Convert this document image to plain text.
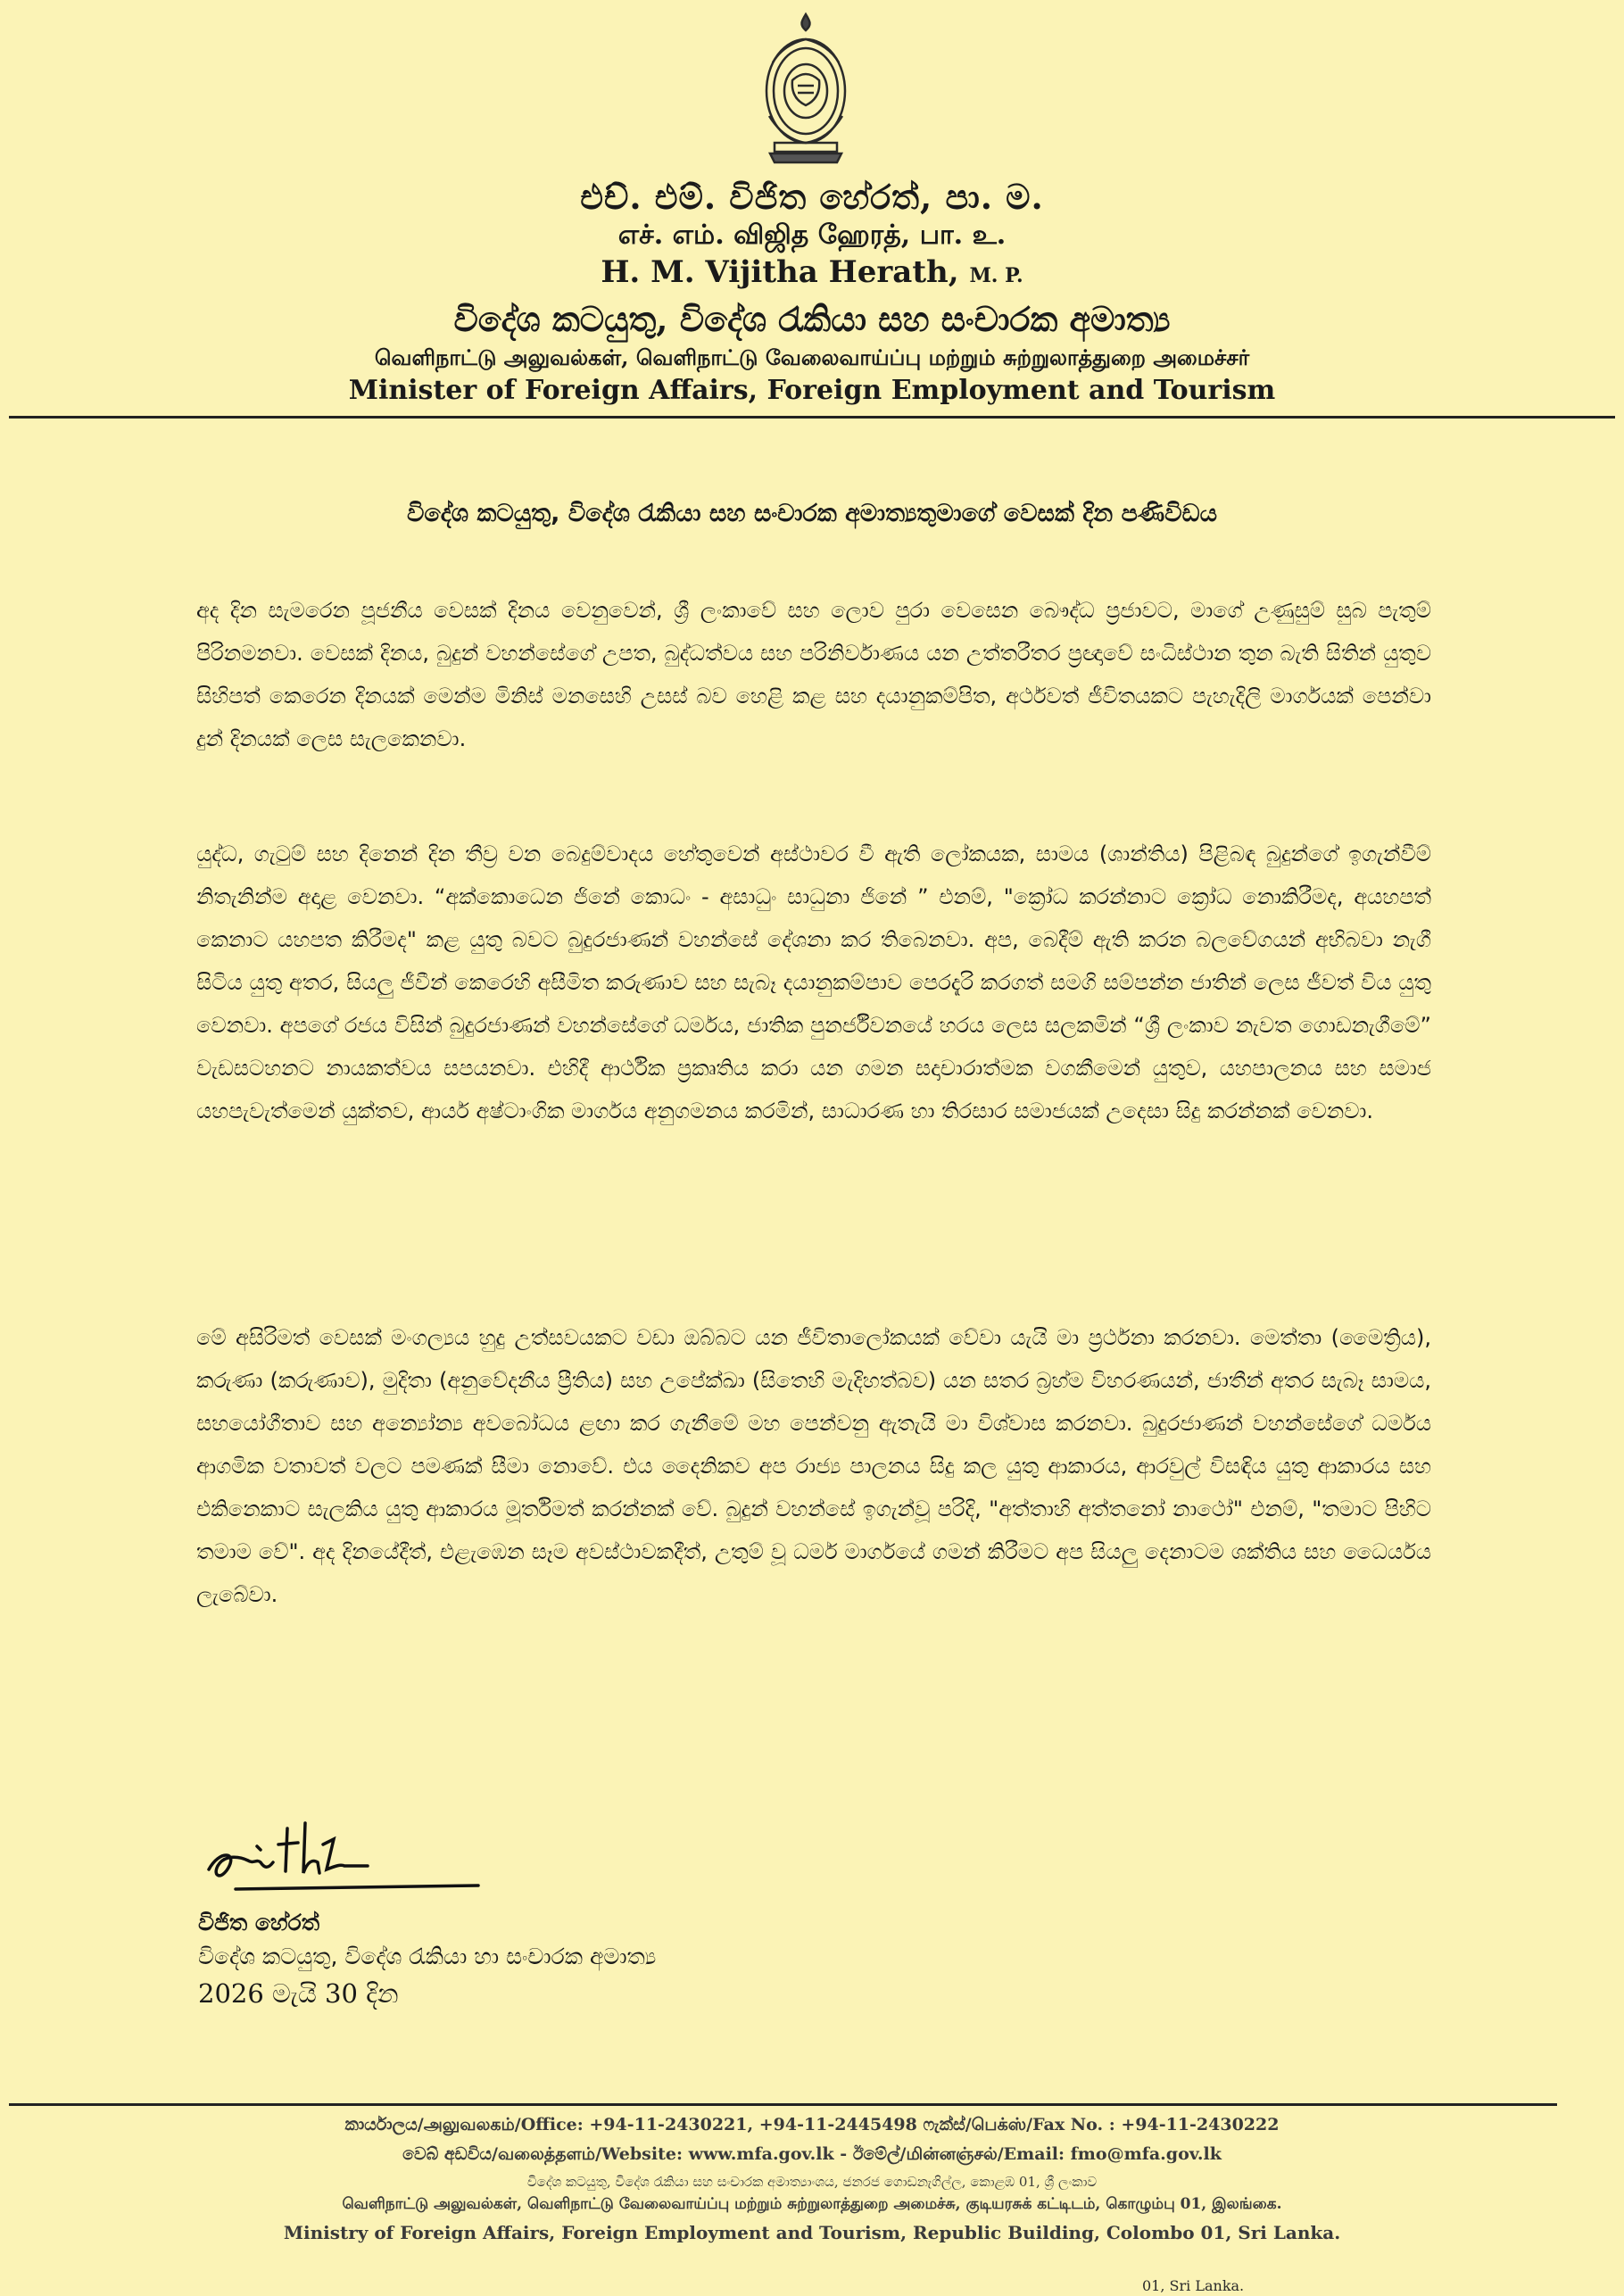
එච්. එම්. විජිත හේරත්, පා. ම.
எச். எம். விஜித ஹேரத், பா. உ.
H. M. Vijitha Herath, M. P.
විදේශ කටයුතු, විදේශ රැකියා සහ සංචාරක අමාත්‍ය
வெளிநாட்டு அலுவல்கள், வெளிநாட்டு வேலைவாய்ப்பு மற்றும் சுற்றுலாத்துறை அமைச்சர்
Minister of Foreign Affairs, Foreign Employment and Tourism
විදේශ කටයුතු, විදේශ රැකියා සහ සංචාරක අමාත්‍යතුමාගේ වෙසක් දින පණිවිඩය

අද දින සැමරෙන පූජනීය වෙසක් දිනය වෙනුවෙන්, ශ්‍රී ලංකාවේ සහ ලොව පුරා වෙසෙන බෞද්ධ ප්‍රජාවට, මාගේ උණුසුම් සුබ පැතුම් පිරිනමනවා. වෙසක් දිනය, බුදුන් වහන්සේගේ උපත, බුද්ධත්වය සහ පරිනිර්වාණය යන උත්තරීතර ප්‍රඥාවේ සංධිස්ථාන තුන බැති සිතින් යුතුව සිහිපත් කෙරෙන දිනයක් මෙන්ම මිනිස් මනසෙහි උසස් බව හෙළි කළ සහ දයානුකම්පිත, අර්ථවත් ජීවිතයකට පැහැදිලි මාර්ගයක් පෙන්වා දුන් දිනයක් ලෙස සැලකෙනවා.

යුද්ධ, ගැටුම් සහ දිනෙන් දින තීව්‍ර වන බෙදුම්වාදය හේතුවෙන් අස්ථාවර වී ඇති ලෝකයක, සාමය (ශාන්තිය) පිළිබඳ බුදුන්ගේ ඉගැන්වීම් නිතැනින්ම අදාළ වෙනවා. “අක්කොධෙන ජිනේ කොධං - අසාධුං සාධුනා ජිනේ ” එනම්, "ක්‍රෝධ කරන්නාට ක්‍රෝධ නොකිරීමද, අයහපත් කෙනාට යහපත කිරීමද" කළ යුතු බවට බුදුරජාණන් වහන්සේ දේශනා කර තිබෙනවා. අප, බෙදීම් ඇති කරන බලවේගයන් අභිබවා නැගී සිටිය යුතු අතර, සියලු ජීවීන් කෙරෙහි අසීමිත කරුණාව සහ සැබෑ දයානුකම්පාව පෙරදැරි කරගත් සමගි සම්පන්න ජාතින් ලෙස ජීවත් විය යුතු වෙනවා. අපගේ රජය විසින් බුදුරජාණන් වහන්සේගේ ධර්මය, ජාතික පුනර්ජීවනයේ හරය ලෙස සලකමින් “ශ්‍රී ලංකාව නැවත ගොඩනැගීමේ” වැඩසටහනට නායකත්වය සපයනවා. එහිදී ආර්ථික ප්‍රකෘතිය කරා යන ගමන සදාචාරාත්මක වගකීමෙන් යුතුව, යහපාලනය සහ සමාජ යහපැවැත්මෙන් යුක්තව, ආර්ය අෂ්ටාංගික මාර්ගය අනුගමනය කරමින්, සාධාරණ හා තිරසාර සමාජයක් උදෙසා සිදු කරන්නක් වෙනවා.

මේ අසිරිමත් වෙසක් මංගල්‍යය හුදු උත්සවයකට වඩා ඔබ්බට යන ජීවිතාලෝකයක් වේවා යැයි මා ප්‍රර්ථනා කරනවා. මෙත්තා (මෛත්‍රිය), කරුණා (කරුණාව), මුදිතා (අනුවේදනීය ප්‍රීතිය) සහ උපේක්ඛා (සිතෙහි මැදිහත්බව) යන සතර බ්‍රහ්ම විහරණයන්, ජාතීන් අතර සැබෑ සාමය, සහයෝගීතාව සහ අන්‍යෝන්‍ය අවබෝධය ළඟා කර ගැනීමේ මහ පෙන්වනු ඇතැයි මා විශ්වාස කරනවා. බුදුරජාණන් වහන්සේගේ ධර්මය ආගමික වතාවත් වලට පමණක් සීමා නොවේ. එය දෛනිකව අප රාජ්‍ය පාලනය සිදු කල යුතු ආකාරය, ආරවුල් විසඳිය යුතු ආකාරය සහ එකිනෙකාට සැලකිය යුතු ආකාරය මූර්තිමත් කරන්නක් වේ. බුදුන් වහන්සේ ඉගැන්වූ පරිදි, "අත්තාහි අත්තනෝ නාථෝ" එනම්, "තමාට පිහිට තමාම වේ". අද දිනයේදීත්, එළැඹෙන සෑම අවස්ථාවකදීත්, උතුම් වූ ධර්ම මාර්ගයේ ගමන් කිරීමට අප සියලු දෙනාටම ශක්තිය සහ ධෛර්යය ලැබේවා.

විජිත හේරත්
විදේශ කටයුතු, විදේශ රැකියා හා සංචාරක අමාත්‍ය
2026 මැයි 30 දින
කාර්යාලය/அலுவலகம்/Office: +94-11-2430221, +94-11-2445498 ෆැක්ස්/பெக்ஸ்/Fax No. : +94-11-2430222
වෙබ් අඩවිය/வலைத்தளம்/Website: www.mfa.gov.lk - ඊමේල්/மின்னஞ்சல்/Email: fmo@mfa.gov.lk
විදේශ කටයුතු, විදේශ රැකියා සහ සංචාරක අමාත්‍යාංශය, ජනරජ ගොඩනැගිල්ල, කොළඹ 01, ශ්‍රී ලංකාව
வெளிநாட்டு அலுவல்கள், வெளிநாட்டு வேலைவாய்ப்பு மற்றும் சுற்றுலாத்துறை அமைச்சு, குடியரசுக் கட்டிடம், கொழும்பு 01, இலங்கை.
Ministry of Foreign Affairs, Foreign Employment and Tourism, Republic Building, Colombo 01, Sri Lanka.
01, Sri Lanka.
